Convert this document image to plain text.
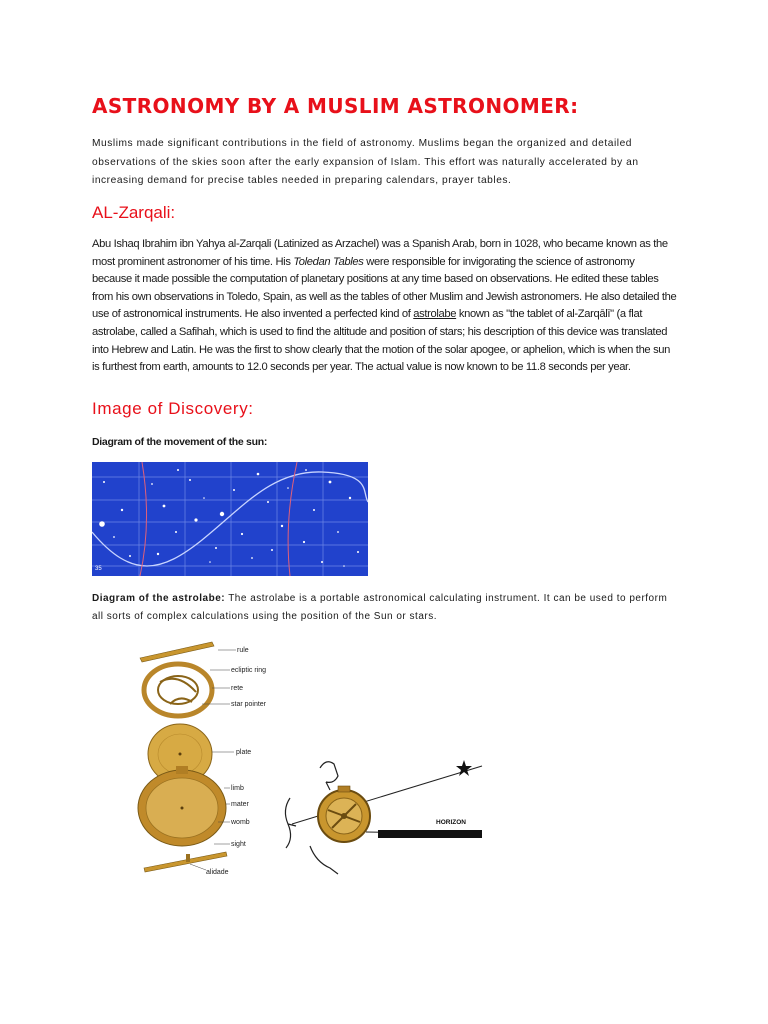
ASTRONOMY BY A MUSLIM ASTRONOMER:
Muslims made significant contributions in the field of astronomy. Muslims began the organized and detailed observations of the skies soon after the early expansion of Islam. This effort was naturally accelerated by an increasing demand for precise tables needed in preparing calendars, prayer tables.
AL-Zarqali:
Abu Ishaq Ibrahim ibn Yahya al-Zarqali (Latinized as Arzachel) was a Spanish Arab, born in 1028, who became known as the most prominent astronomer of his time. His Toledan Tables were responsible for invigorating the science of astronomy because it made possible the computation of planetary positions at any time based on observations. He edited these tables from his own observations in Toledo, Spain, as well as the tables of other Muslim and Jewish astronomers. He also detailed the use of astronomical instruments. He also invented a perfected kind of astrolabe known as "the tablet of al-Zarqālī" (a flat astrolabe, called a Safihah, which is used to find the altitude and position of stars; his description of this device was translated into Hebrew and Latin. He was the first to show clearly that the motion of the solar apogee, or aphelion, which is when the sun is furthest from earth, amounts to 12.0 seconds per year. The actual value is now known to be 11.8 seconds per year.
Image of Discovery:
Diagram of the movement of the sun:
35
Diagram of the astrolabe: The astrolabe is a portable astronomical calculating instrument. It can be used to perform all sorts of complex calculations using the position of the Sun or stars.
rule
ecliptic ring
rete
star pointer
plate
limb
mater
womb
sight
alidade
HORIZON
